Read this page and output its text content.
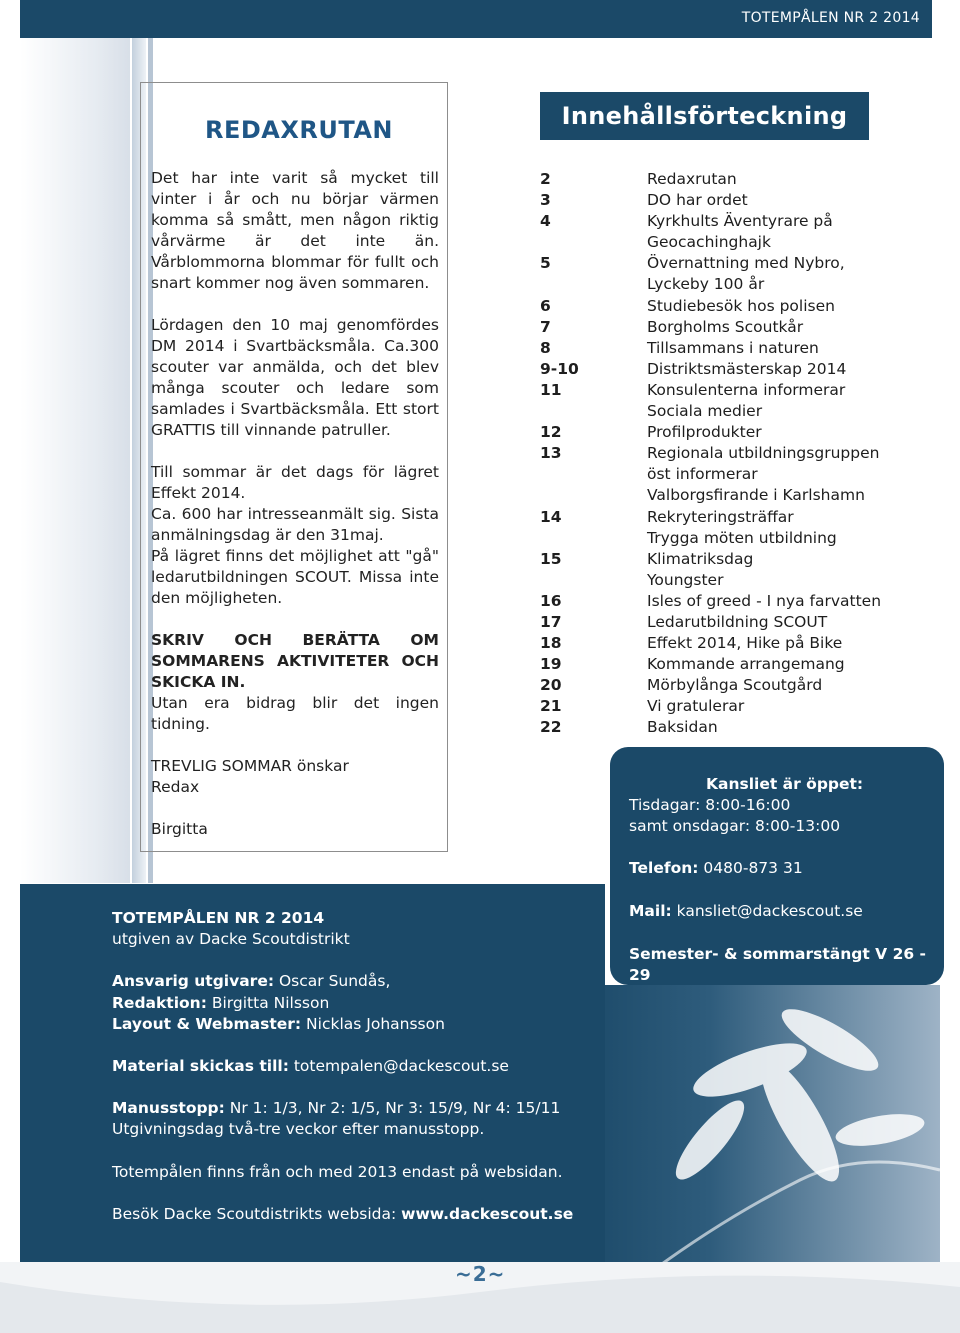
TOTEMPÅLEN NR 2 2014
REDAXRUTAN

Det har inte varit så mycket till vinter i år och nu börjar värmen komma så smått, men någon riktig vårvärme är det inte än. Vårblommorna blommar för fullt och snart kommer nog även sommaren.

Lördagen den 10 maj genomfördes DM 2014 i Svartbäcksmåla. Ca.300 scouter var anmälda, och det blev många scouter och ledare som samlades i Svartbäcksmåla. Ett stort GRATTIS till vinnande patruller.

Till sommar är det dags för lägret Effekt 2014.

Ca. 600 har intresseanmält sig. Sista anmälningsdag är den 31maj.

På lägret finns det möjlighet att "gå" ledarutbildningen SCOUT. Missa inte den möjligheten.

SKRIV OCH BERÄTTA OM SOMMARENS AKTIVITETER OCH SKICKA IN.

Utan era bidrag blir det ingen tidning.

TREVLIG SOMMAR önskar

Redax

Birgitta

Innehållsförteckning
2	Redaxrutan
3	DO har ordet
4	Kyrkhults Äventyrare på
Geocachinghajk
5	Övernattning med Nybro,
Lyckeby 100 år
6	Studiebesök hos polisen
7	Borgholms Scoutkår
8	Tillsammans i naturen
9-10	Distriktsmästerskap 2014
11	Konsulenterna informerar
Sociala medier
12	Profilprodukter
13	Regionala utbildningsgruppen
öst informerar
Valborgsfirande i Karlshamn
14	Rekryteringsträffar
Trygga möten utbildning
15	Klimatriksdag
Youngster
16	Isles of greed - I nya farvatten
17	Ledarutbildning SCOUT
18	Effekt 2014, Hike på Bike
19	Kommande arrangemang
20	Mörbylånga Scoutgård
21	Vi gratulerar
22	Baksidan
Kansliet är öppet:
Tisdagar: 8:00-16:00
samt onsdagar: 8:00-13:00
Telefon: 0480-873 31
Mail: kansliet@dackescout.se
Semester- & sommarstängt V 26 - 29

TOTEMPÅLEN NR 2 2014

utgiven av Dacke Scoutdistrikt

Ansvarig utgivare: Oscar Sundås,

Redaktion: Birgitta Nilsson

Layout & Webmaster: Nicklas Johansson

Material skickas till: totempalen@dackescout.se

Manusstopp: Nr 1: 1/3, Nr 2: 1/5, Nr 3: 15/9, Nr 4: 15/11

Utgivningsdag två-tre veckor efter manusstopp.

Totempålen finns från och med 2013 endast på websidan.

Besök Dacke Scoutdistrikts websida: www.dackescout.se

~2~
